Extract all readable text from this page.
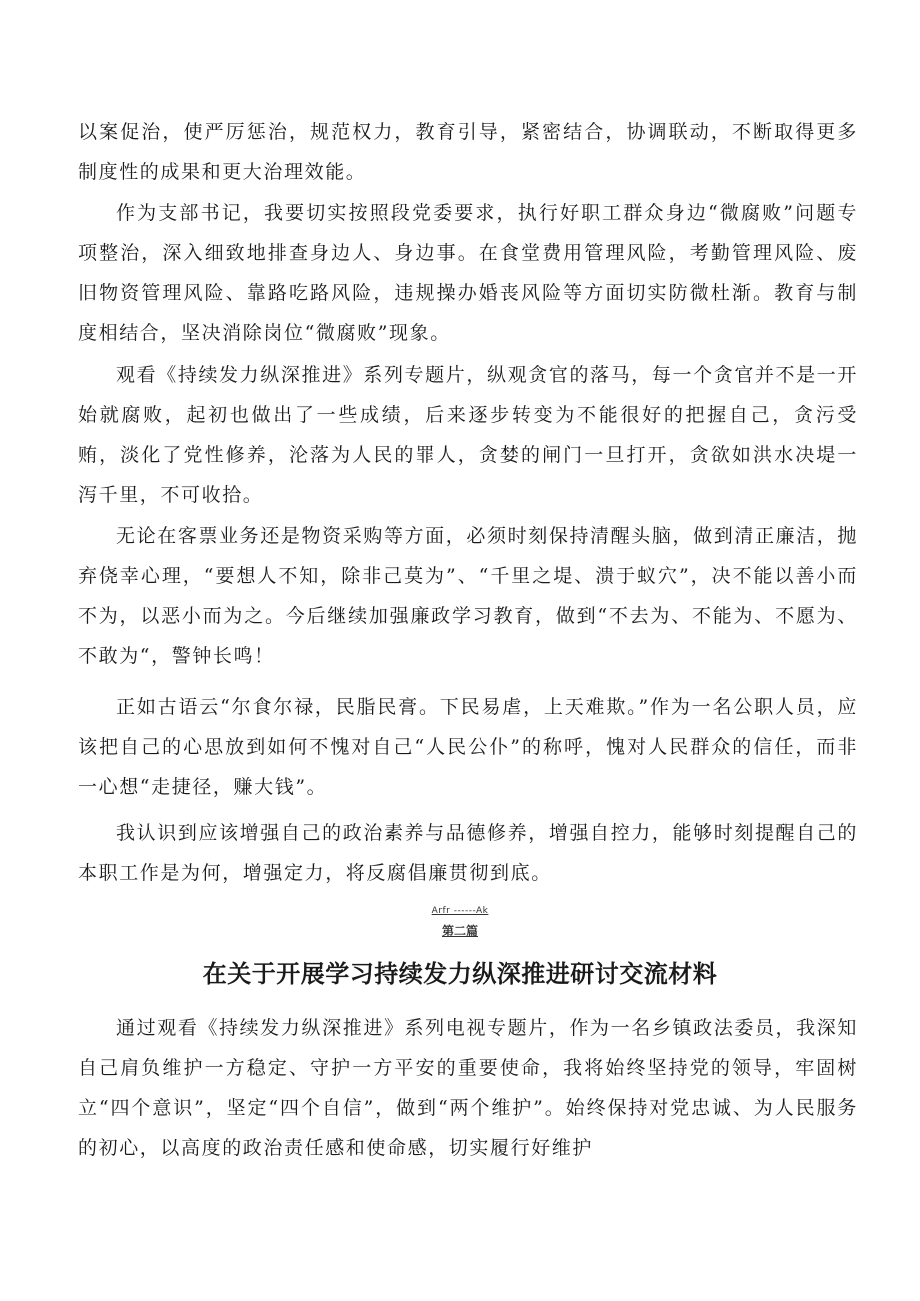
以案促治，使严厉惩治，规范权力，教育引导，紧密结合，协调联动，不断取得更多制度性的成果和更大治理效能。

作为支部书记，我要切实按照段党委要求，执行好职工群众身边“微腐败”问题专项整治，深入细致地排查身边人、身边事。在食堂费用管理风险，考勤管理风险、废旧物资管理风险、靠路吃路风险，违规操办婚丧风险等方面切实防微杜渐。教育与制度相结合，坚决消除岗位“微腐败”现象。

观看《持续发力纵深推进》系列专题片，纵观贪官的落马，每一个贪官并不是一开始就腐败，起初也做出了一些成绩，后来逐步转变为不能很好的把握自己，贪污受贿，淡化了党性修养，沦落为人民的罪人，贪婪的闸门一旦打开，贪欲如洪水决堤一泻千里，不可收拾。

无论在客票业务还是物资采购等方面，必须时刻保持清醒头脑，做到清正廉洁，抛弃侥幸心理，“要想人不知，除非己莫为”、“千里之堤、溃于蚁穴”，决不能以善小而不为，以恶小而为之。今后继续加强廉政学习教育，做到“不去为、不能为、不愿为、不敢为“，警钟长鸣！

正如古语云“尔食尔禄，民脂民膏。下民易虐，上天难欺。”作为一名公职人员，应该把自己的心思放到如何不愧对自己“人民公仆”的称呼，愧对人民群众的信任，而非一心想“走捷径，赚大钱”。

我认识到应该增强自己的政治素养与品德修养，增强自控力，能够时刻提醒自己的本职工作是为何，增强定力，将反腐倡廉贯彻到底。

Arfr ------Ak
第二篇
在关于开展学习持续发力纵深推进研讨交流材料

通过观看《持续发力纵深推进》系列电视专题片，作为一名乡镇政法委员，我深知自己肩负维护一方稳定、守护一方平安的重要使命，我将始终坚持党的领导，牢固树立“四个意识”，坚定“四个自信”，做到“两个维护”。始终保持对党忠诚、为人民服务的初心，以高度的政治责任感和使命感，切实履行好维护
